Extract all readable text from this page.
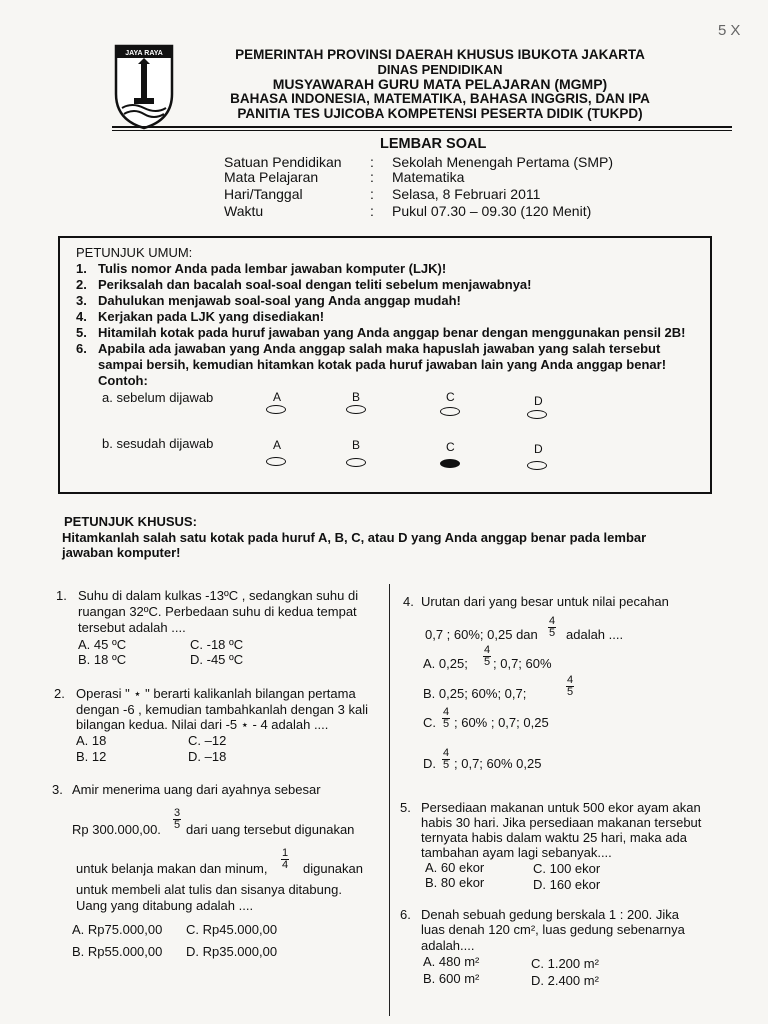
5X
JAYA RAYA	PEMERINTAH PROVINSI DAERAH KHUSUS IBUKOTA JAKARTA
DINAS PENDIDIKAN
MUSYAWARAH GURU MATA PELAJARAN (MGMP)
BAHASA INDONESIA, MATEMATIKA, BAHASA INGGRIS, DAN IPA
PANITIA TES UJICOBA KOMPETENSI PESERTA DIDIK (TUKPD)
LEMBAR SOAL
Satuan Pendidikan : Sekolah Menengah Pertama (SMP)
Mata Pelajaran	: Matematika
Hari/Tanggal	: Selasa, 8 Februari 2011
Waktu	: Pukul 07.30 – 09.30 (120 Menit)
PETUNJUK UMUM:
1. Tulis nomor Anda pada lembar jawaban komputer (LJK)!
2. Periksalah dan bacalah soal-soal dengan teliti sebelum menjawabnya!
3. Dahulukan menjawab soal-soal yang Anda anggap mudah!
4. Kerjakan pada LJK yang disediakan!
5. Hitamilah kotak pada huruf jawaban yang Anda anggap benar dengan menggunakan pensil 2B!
6. Apabila ada jawaban yang Anda anggap salah maka hapuslah jawaban yang salah tersebut
sampai bersih, kemudian hitamkan kotak pada huruf jawaban lain yang Anda anggap benar!
Contoh:
a. sebelum dijawab
b. sesudah dijawab
A	B	C	D
A	B	C	D
PETUNJUK KHUSUS:
Hitamkanlah salah satu kotak pada huruf A, B, C, atau D yang Anda anggap benar pada lembar
jawaban komputer!
1. Suhu di dalam kulkas -13ºC , sedangkan suhu di
ruangan 32ºC. Perbedaan suhu di kedua tempat
tersebut adalah ....
A. 45 ºC	C. -18 ºC
B. 18 ºC	D. -45 ºC
2. Operasi " ⋆ " berarti kalikanlah bilangan pertama
dengan -6 , kemudian tambahkanlah dengan 3 kali
bilangan kedua. Nilai dari -5 ⋆ - 4 adalah ....
A. 18	C. –12
B. 12	D. –18
3. Amir menerima uang dari ayahnya sebesar
Rp 300.000,00. $\frac{3}{5}$ dari uang tersebut digunakan
untuk belanja makan dan minum, $\frac{1}{4}$ digunakan
untuk membeli alat tulis dan sisanya ditabung.
Uang yang ditabung adalah ....
A. Rp75.000,00 C. Rp45.000,00
B. Rp55.000,00 D. Rp35.000,00
4. Urutan dari yang besar untuk nilai pecahan
0,7 ; 60%; 0,25 dan $\frac{4}{5}$ adalah ....
A. 0,25; $\frac{4}{5}$ ; 0,7; 60%
B. 0,25; 60%; 0,7;	$\frac{4}{5}$
C. $\frac{4}{5}$ ; 60% ; 0,7; 0,25
D. $\frac{4}{5}$ ; 0,7; 60% 0,25
5. Persediaan makanan untuk 500 ekor ayam akan
habis 30 hari. Jika persediaan makanan tersebut
ternyata habis dalam waktu 25 hari, maka ada
tambahan ayam lagi sebanyak....
A. 60 ekor	C. 100 ekor
B. 80 ekor	D. 160 ekor
6. Denah sebuah gedung berskala 1 : 200. Jika
luas denah 120 cm², luas gedung sebenarnya
adalah....
A. 480 m²	C. 1.200 m²
B. 600 m²	D. 2.400 m²
